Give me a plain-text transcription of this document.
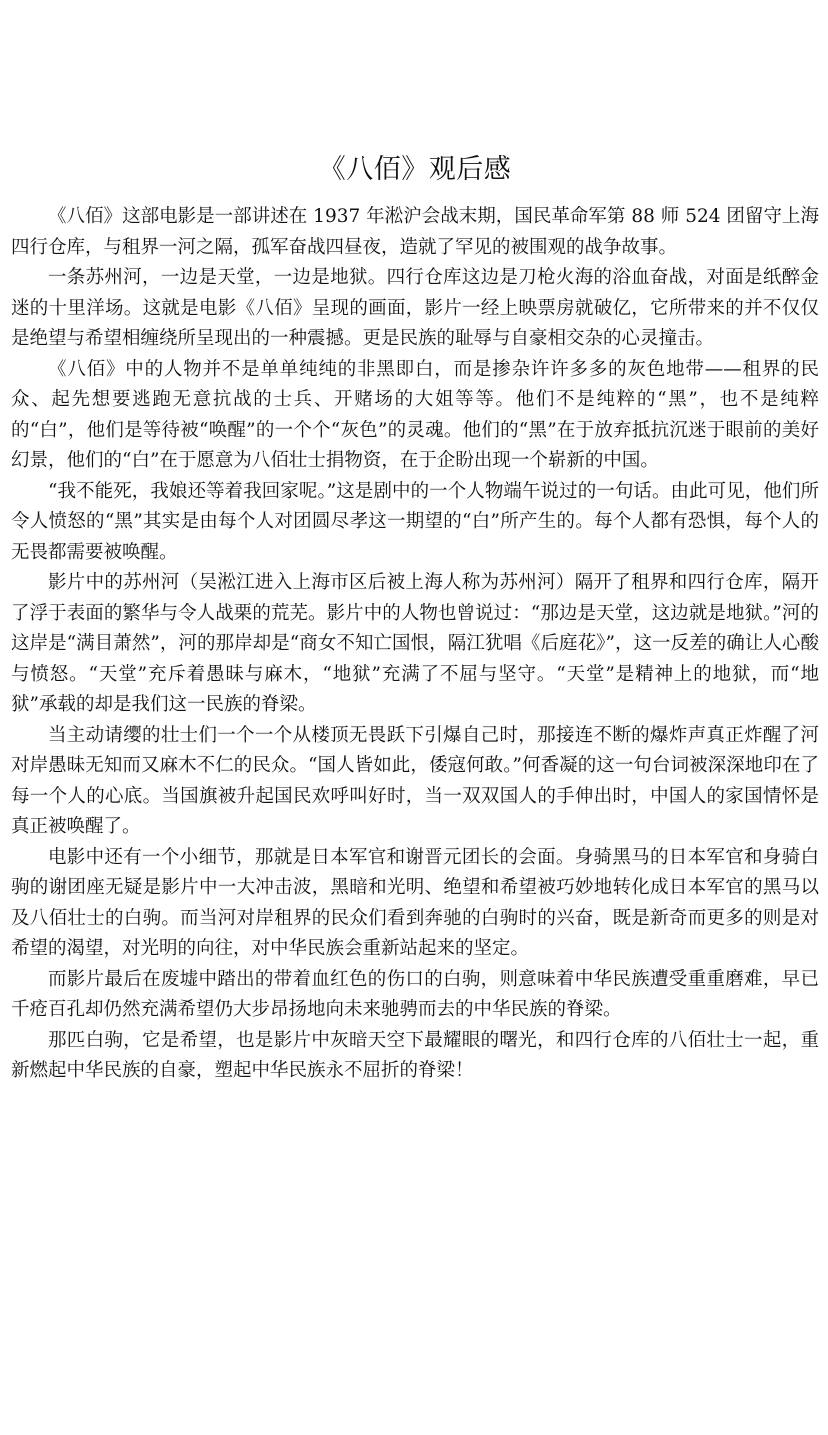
《八佰》观后感

《八佰》这部电影是一部讲述在 1937 年淞沪会战末期，国民革命军第 88 师 524 团留守上海四行仓库，与租界一河之隔，孤军奋战四昼夜，造就了罕见的被围观的战争故事。

一条苏州河，一边是天堂，一边是地狱。四行仓库这边是刀枪火海的浴血奋战，对面是纸醉金迷的十里洋场。这就是电影《八佰》呈现的画面，影片一经上映票房就破亿，它所带来的并不仅仅是绝望与希望相缠绕所呈现出的一种震撼。更是民族的耻辱与自豪相交杂的心灵撞击。

《八佰》中的人物并不是单单纯纯的非黑即白，而是掺杂许许多多的灰色地带——租界的民众、起先想要逃跑无意抗战的士兵、开赌场的大姐等等。他们不是纯粹的“黑”，也不是纯粹的“白”，他们是等待被“唤醒”的一个个“灰色”的灵魂。他们的“黑”在于放弃抵抗沉迷于眼前的美好幻景，他们的“白”在于愿意为八佰壮士捐物资，在于企盼出现一个崭新的中国。

“我不能死，我娘还等着我回家呢。”这是剧中的一个人物端午说过的一句话。由此可见，他们所令人愤怒的“黑”其实是由每个人对团圆尽孝这一期望的“白”所产生的。每个人都有恐惧，每个人的无畏都需要被唤醒。

影片中的苏州河（吴淞江进入上海市区后被上海人称为苏州河）隔开了租界和四行仓库，隔开了浮于表面的繁华与令人战栗的荒芜。影片中的人物也曾说过：“那边是天堂，这边就是地狱。”河的这岸是“满目萧然”，河的那岸却是“商女不知亡国恨，隔江犹唱《后庭花》”，这一反差的确让人心酸与愤怒。“天堂”充斥着愚昧与麻木，“地狱”充满了不屈与坚守。“天堂”是精神上的地狱，而“地狱”承载的却是我们这一民族的脊梁。

当主动请缨的壮士们一个一个从楼顶无畏跃下引爆自己时，那接连不断的爆炸声真正炸醒了河对岸愚昧无知而又麻木不仁的民众。“国人皆如此，倭寇何敢。”何香凝的这一句台词被深深地印在了每一个人的心底。当国旗被升起国民欢呼叫好时，当一双双国人的手伸出时，中国人的家国情怀是真正被唤醒了。

电影中还有一个小细节，那就是日本军官和谢晋元团长的会面。身骑黑马的日本军官和身骑白驹的谢团座无疑是影片中一大冲击波，黑暗和光明、绝望和希望被巧妙地转化成日本军官的黑马以及八佰壮士的白驹。而当河对岸租界的民众们看到奔驰的白驹时的兴奋，既是新奇而更多的则是对希望的渴望，对光明的向往，对中华民族会重新站起来的坚定。

而影片最后在废墟中踏出的带着血红色的伤口的白驹，则意味着中华民族遭受重重磨难，早已千疮百孔却仍然充满希望仍大步昂扬地向未来驰骋而去的中华民族的脊梁。

那匹白驹，它是希望，也是影片中灰暗天空下最耀眼的曙光，和四行仓库的八佰壮士一起，重新燃起中华民族的自豪，塑起中华民族永不屈折的脊梁！
